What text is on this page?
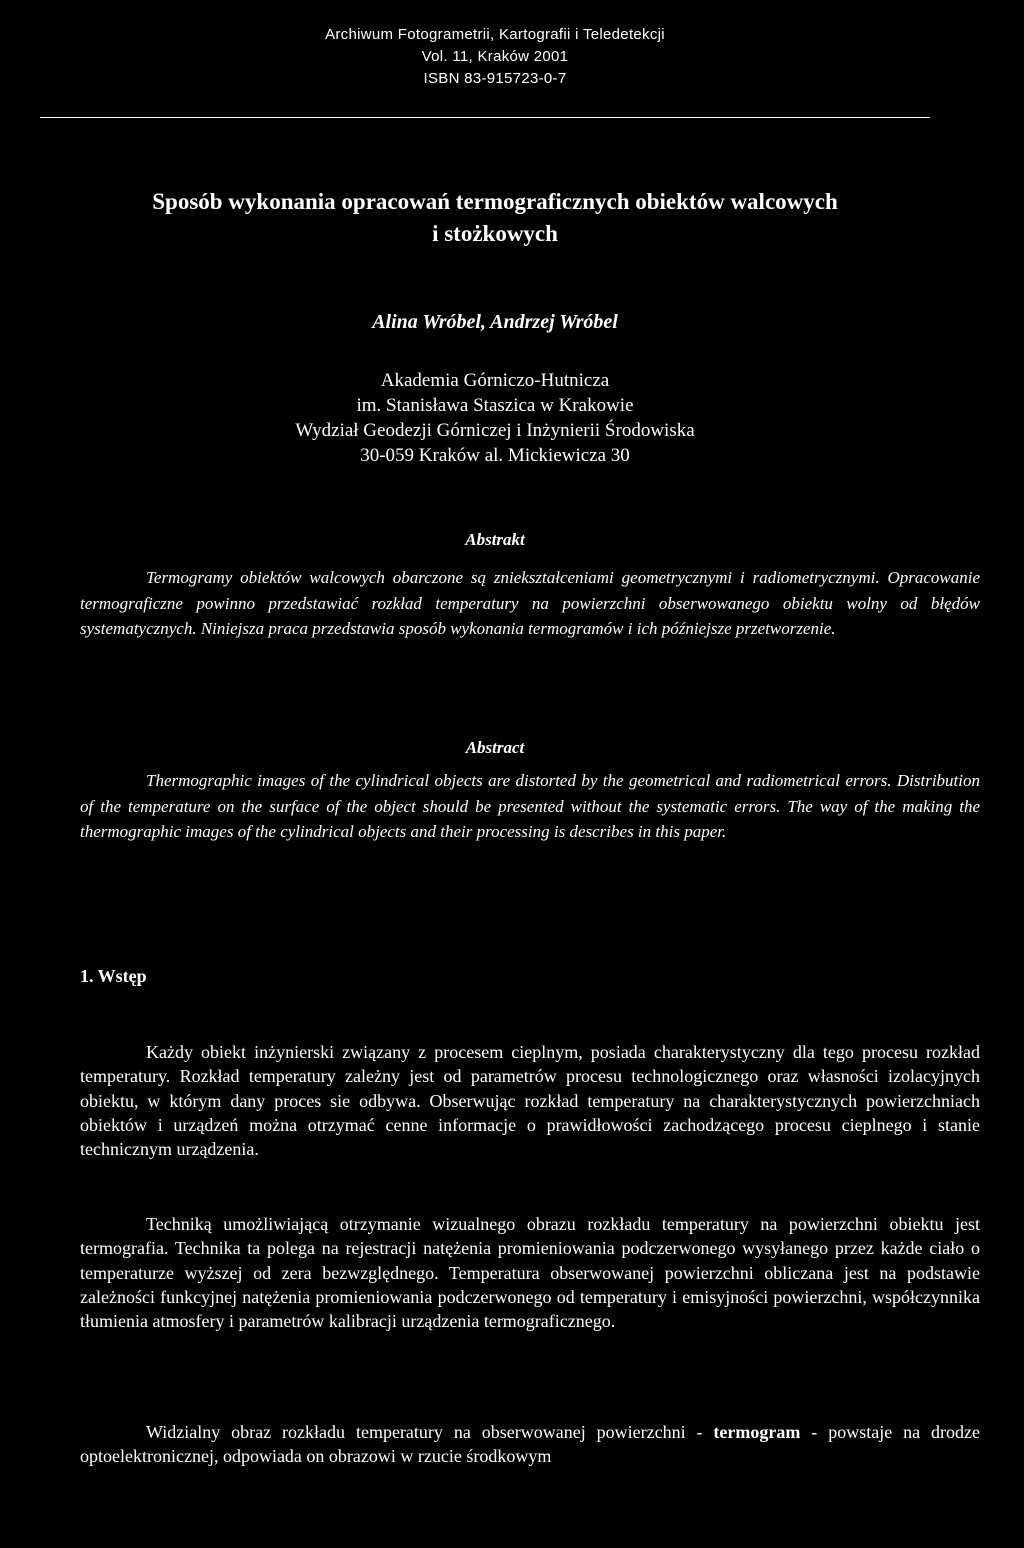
Archiwum Fotogrametrii, Kartografii i Teledetekcji
Vol. 11, Kraków 2001
ISBN 83-915723-0-7
Sposób wykonania opracowań termograficznych obiektów walcowych
i stożkowych
Alina Wróbel, Andrzej Wróbel
Akademia Górniczo-Hutnicza
im. Stanisława Staszica w Krakowie
Wydział Geodezji Górniczej i Inżynierii Środowiska
30-059 Kraków al. Mickiewicza 30
Abstrakt
Termogramy obiektów walcowych obarczone są zniekształceniami geometrycznymi i radiometrycznymi. Opracowanie termograficzne powinno przedstawiać rozkład temperatury na powierzchni obserwowanego obiektu wolny od błędów systematycznych. Niniejsza praca przedstawia sposób wykonania termogramów i ich późniejsze przetworzenie.
Abstract
Thermographic images of the cylindrical objects are distorted by the geometrical and radiometrical errors. Distribution of the temperature on the surface of the object should be presented without the systematic errors. The way of the making the thermographic images of the cylindrical objects and their processing is describes in this paper.
1. Wstęp
Każdy obiekt inżynierski związany z procesem cieplnym, posiada charakterystyczny dla tego procesu rozkład temperatury. Rozkład temperatury zależny jest od parametrów procesu technologicznego oraz własności izolacyjnych obiektu, w którym dany proces sie odbywa. Obserwując rozkład temperatury na charakterystycznych powierzchniach obiektów i urządzeń można otrzymać cenne informacje o prawidłowości zachodzącego procesu cieplnego i stanie technicznym urządzenia.
Techniką umożliwiającą otrzymanie wizualnego obrazu rozkładu temperatury na powierzchni obiektu jest termografia. Technika ta polega na rejestracji natężenia promieniowania podczerwonego wysyłanego przez każde ciało o temperaturze wyższej od zera bezwzględnego. Temperatura obserwowanej powierzchni obliczana jest na podstawie zależności funkcyjnej natężenia promieniowania podczerwonego od temperatury i emisyjności powierzchni, współczynnika tłumienia atmosfery i parametrów kalibracji urządzenia termograficznego.
Widzialny obraz rozkładu temperatury na obserwowanej powierzchni - termogram - powstaje na drodze optoelektronicznej, odpowiada on obrazowi w rzucie środkowym
